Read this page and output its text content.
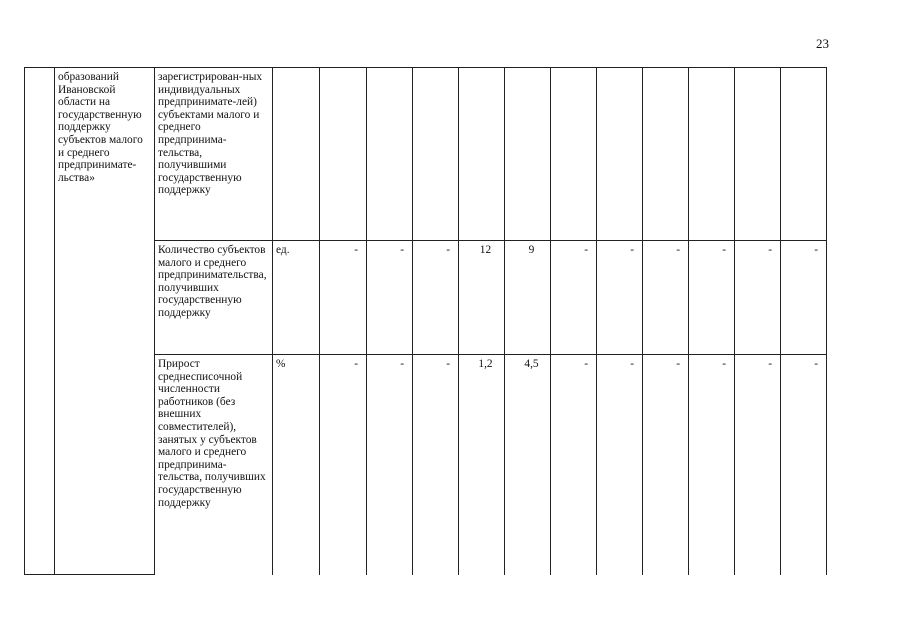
23
	образований Ивановской области на государственную поддержку субъектов малого и среднего предпринимате-льства»	зарегистрирован-ных индивидуальных предпринимате-лей) субъектами малого и среднего предпринима-тельства, получившими государственную поддержку												
		Количество субъектов малого и среднего предпринимательства, получивших государственную поддержку	ед.	-	-	-	12	9	-	-	-	-	-	-
		Прирост среднесписочной численности работников (без внешних совместителей), занятых у субъектов малого и среднего предпринима-тельства, получивших государственную поддержку	%	-	-	-	1,2	4,5	-	-	-	-	-	-
